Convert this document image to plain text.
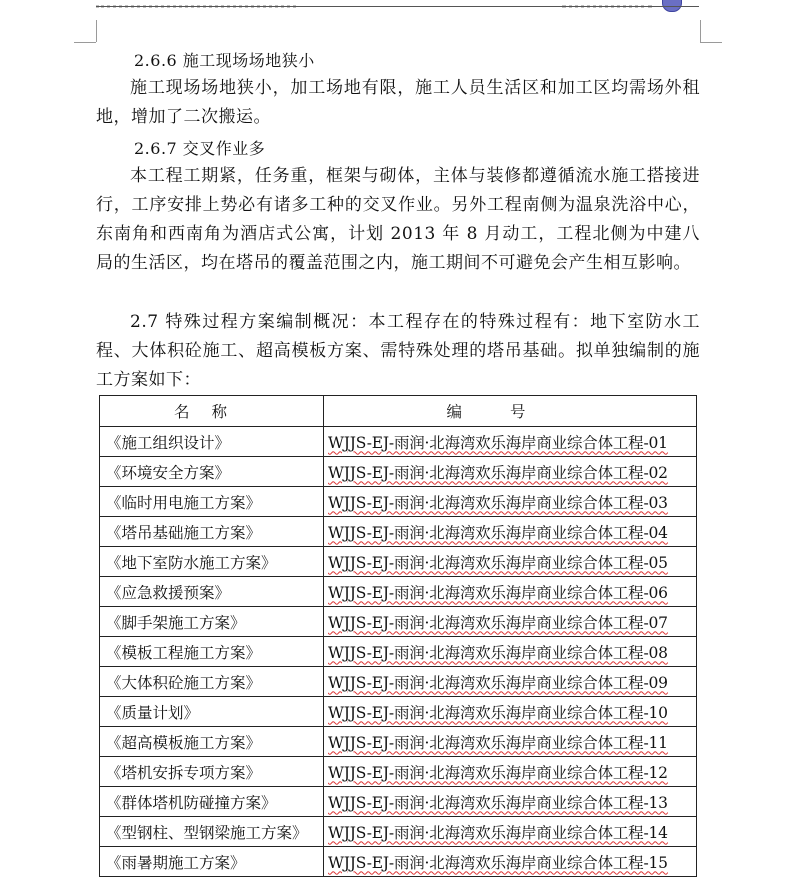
2.6.6 施工现场场地狭小
施工现场场地狭小，加工场地有限，施工人员生活区和加工区均需场外租地，增加了二次搬运。
2.6.7 交叉作业多
本工程工期紧，任务重，框架与砌体，主体与装修都遵循流水施工搭接进行，工序安排上势必有诸多工种的交叉作业。另外工程南侧为温泉洗浴中心，东南角和西南角为酒店式公寓，计划 2013 年 8 月动工，工程北侧为中建八局的生活区，均在塔吊的覆盖范围之内，施工期间不可避免会产生相互影响。
2.7 特殊过程方案编制概况：本工程存在的特殊过程有：地下室防水工程、大体积砼施工、超高模板方案、需特殊处理的塔吊基础。拟单独编制的施工方案如下：
名称	编号
《施工组织设计》	WJJS-EJ-雨润·北海湾欢乐海岸商业综合体工程-01
《环境安全方案》	WJJS-EJ-雨润·北海湾欢乐海岸商业综合体工程-02
《临时用电施工方案》	WJJS-EJ-雨润·北海湾欢乐海岸商业综合体工程-03
《塔吊基础施工方案》	WJJS-EJ-雨润·北海湾欢乐海岸商业综合体工程-04
《地下室防水施工方案》	WJJS-EJ-雨润·北海湾欢乐海岸商业综合体工程-05
《应急救援预案》	WJJS-EJ-雨润·北海湾欢乐海岸商业综合体工程-06
《脚手架施工方案》	WJJS-EJ-雨润·北海湾欢乐海岸商业综合体工程-07
《模板工程施工方案》	WJJS-EJ-雨润·北海湾欢乐海岸商业综合体工程-08
《大体积砼施工方案》	WJJS-EJ-雨润·北海湾欢乐海岸商业综合体工程-09
《质量计划》	WJJS-EJ-雨润·北海湾欢乐海岸商业综合体工程-10
《超高模板施工方案》	WJJS-EJ-雨润·北海湾欢乐海岸商业综合体工程-11
《塔机安拆专项方案》	WJJS-EJ-雨润·北海湾欢乐海岸商业综合体工程-12
《群体塔机防碰撞方案》	WJJS-EJ-雨润·北海湾欢乐海岸商业综合体工程-13
《型钢柱、型钢梁施工方案》	WJJS-EJ-雨润·北海湾欢乐海岸商业综合体工程-14
《雨暑期施工方案》	WJJS-EJ-雨润·北海湾欢乐海岸商业综合体工程-15
